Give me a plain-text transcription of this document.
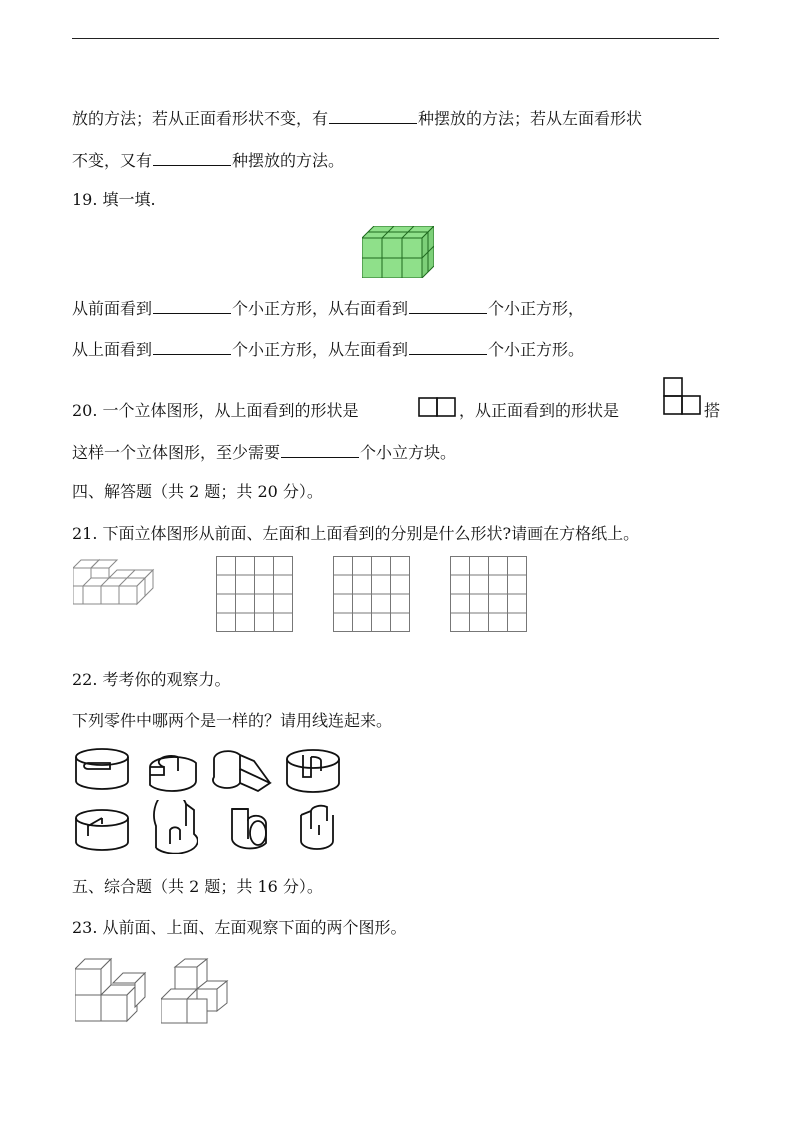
放的方法；若从正面看形状不变，有	种摆放的方法；若从左面看形状
不变，又有	种摆放的方法。
19. 填一填.
从前面看到	个小正方形，从右面看到	个小正方形，
从上面看到	个小正方形，从左面看到	个小正方形。
20. 一个立体图形，从上面看到的形状是	，从正面看到的形状是	搭
这样一个立体图形，至少需要	个小立方块。
四、解答题（共 2 题；共 20 分）。
21. 下面立体图形从前面、左面和上面看到的分别是什么形状?请画在方格纸上。
22. 考考你的观察力。
下列零件中哪两个是一样的？请用线连起来。
五、综合题（共 2 题；共 16 分）。
23. 从前面、上面、左面观察下面的两个图形。
